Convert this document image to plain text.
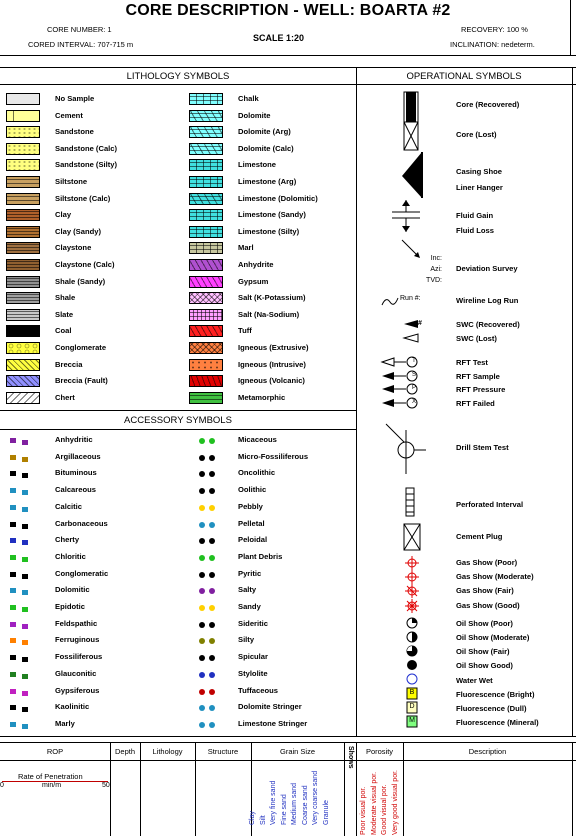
CORE DESCRIPTION - WELL: BOARTA #2
CORE NUMBER: 1
CORED INTERVAL: 707-715 m
SCALE 1:20
RECOVERY: 100 %
INCLINATION: nedeterm.
LITHOLOGY SYMBOLS	OPERATIONAL SYMBOLS
ACCESSORY SYMBOLS
No Sample
Cement
Sandstone
Sandstone (Calc)
Sandstone (Silty)
Siltstone
Siltstone (Calc)
Clay
Clay (Sandy)
Claystone
Claystone (Calc)
Shale (Sandy)
Shale
Slate
Coal
Conglomerate
Breccia
Breccia (Fault)
Chert
Chalk
Dolomite
Dolomite (Arg)
Dolomite (Calc)
Limestone
Limestone (Arg)
Limestone (Dolomitic)
Limestone (Sandy)
Limestone (Silty)
Marl
Anhydrite
Gypsum
Salt (K-Potassium)
Salt (Na-Sodium)
Tuff
Igneous (Extrusive)
Igneous (Intrusive)
Igneous (Volcanic)
Metamorphic
Anhydritic
Argillaceous
Bituminous
Calcareous
Calcitic
Carbonaceous
Cherty
Chloritic
Conglomeratic
Dolomitic
Epidotic
Feldspathic
Ferruginous
Fossiliferous
Glauconitic
Gypsiferous
Kaolinitic
Marly
Micaceous
Micro-Fossiliferous
Oncolithic
Oolithic
Pebbly
Pelletal
Peloidal
Plant Debris
Pyritic
Salty
Sandy
Sideritic
Silty
Spicular
Stylolite
Tuffaceous
Dolomite Stringer
Limestone Stringer
Core (Recovered)
Core (Lost)
Casing Shoe
Liner Hanger
Fluid Gain
Fluid Loss
Deviation Survey
Wireline Log Run
SWC (Recovered)
SWC (Lost)
RFT Test
RFT Sample
RFT Pressure
RFT Failed
Drill Stem Test
Perforated Interval
Cement Plug
Gas Show (Poor)
Gas Show (Moderate)
Gas Show (Fair)
Gas Show (Good)
Oil Show (Poor)
Oil Show (Moderate)
Oil Show (Fair)
Oil Show Good)
Water Wet
Fluorescence (Bright)
Fluorescence (Dull)
Fluorescence (Mineral)
Inc:
Azi:
TVD:
Run #:
#
T
S
P
X
B
D
M
ROP	Depth	Lithology	Structure	Grain Size	Porosity	Description
Shows
Rate of Penetration
0	min/m	50
Clay Silt Very fine sand Fine sand Medium sand Coarse sand Very coarse sand Granule	Poor visual por. Moderate visual por. Good visual por. Very good visual por.
